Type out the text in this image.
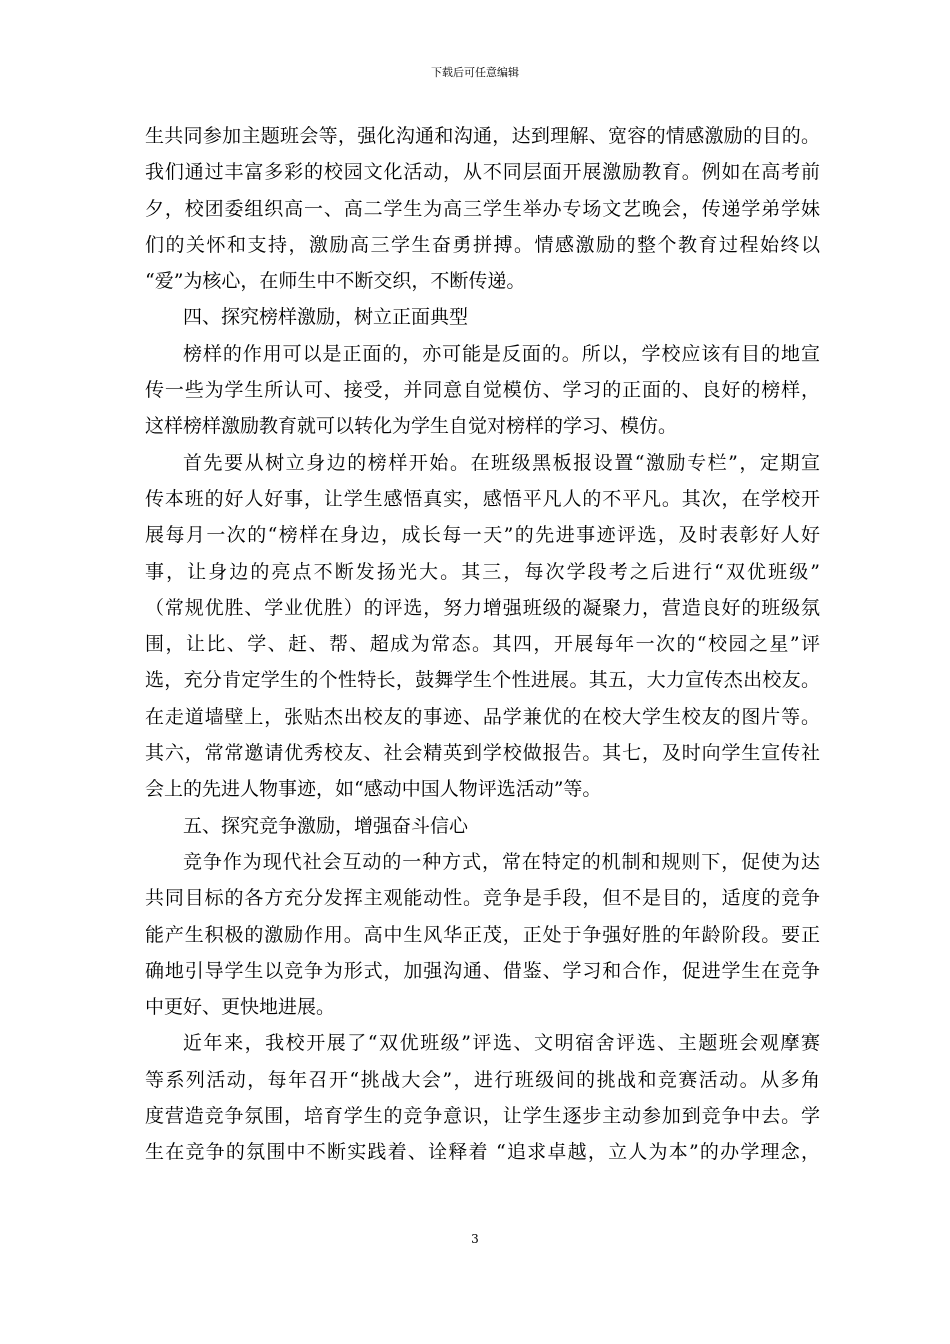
下载后可任意编辑
生共同参加主题班会等，强化沟通和沟通，达到理解、宽容的情感激励的目的。
我们通过丰富多彩的校园文化活动，从不同层面开展激励教育。例如在高考前
夕，校团委组织高一、高二学生为高三学生举办专场文艺晚会，传递学弟学妹
们的关怀和支持，激励高三学生奋勇拼搏。情感激励的整个教育过程始终以
“爱”为核心，在师生中不断交织，不断传递。
四、探究榜样激励，树立正面典型
榜样的作用可以是正面的，亦可能是反面的。所以，学校应该有目的地宣
传一些为学生所认可、接受，并同意自觉模仿、学习的正面的、良好的榜样，
这样榜样激励教育就可以转化为学生自觉对榜样的学习、模仿。
首先要从树立身边的榜样开始。在班级黑板报设置“激励专栏”，定期宣
传本班的好人好事，让学生感悟真实，感悟平凡人的不平凡。其次，在学校开
展每月一次的“榜样在身边，成长每一天”的先进事迹评选，及时表彰好人好
事，让身边的亮点不断发扬光大。其三，每次学段考之后进行“双优班级”
（常规优胜、学业优胜）的评选，努力增强班级的凝聚力，营造良好的班级氛
围，让比、学、赶、帮、超成为常态。其四，开展每年一次的“校园之星”评
选，充分肯定学生的个性特长，鼓舞学生个性进展。其五，大力宣传杰出校友。
在走道墙壁上，张贴杰出校友的事迹、品学兼优的在校大学生校友的图片等。
其六，常常邀请优秀校友、社会精英到学校做报告。其七，及时向学生宣传社
会上的先进人物事迹，如“感动中国人物评选活动”等。
五、探究竞争激励，增强奋斗信心
竞争作为现代社会互动的一种方式，常在特定的机制和规则下，促使为达
共同目标的各方充分发挥主观能动性。竞争是手段，但不是目的，适度的竞争
能产生积极的激励作用。高中生风华正茂，正处于争强好胜的年龄阶段。要正
确地引导学生以竞争为形式，加强沟通、借鉴、学习和合作，促进学生在竞争
中更好、更快地进展。
近年来，我校开展了“双优班级”评选、文明宿舍评选、主题班会观摩赛
等系列活动，每年召开“挑战大会”，进行班级间的挑战和竞赛活动。从多角
度营造竞争氛围，培育学生的竞争意识，让学生逐步主动参加到竞争中去。学
生在竞争的氛围中不断实践着、诠释着 “追求卓越，立人为本”的办学理念，
3
